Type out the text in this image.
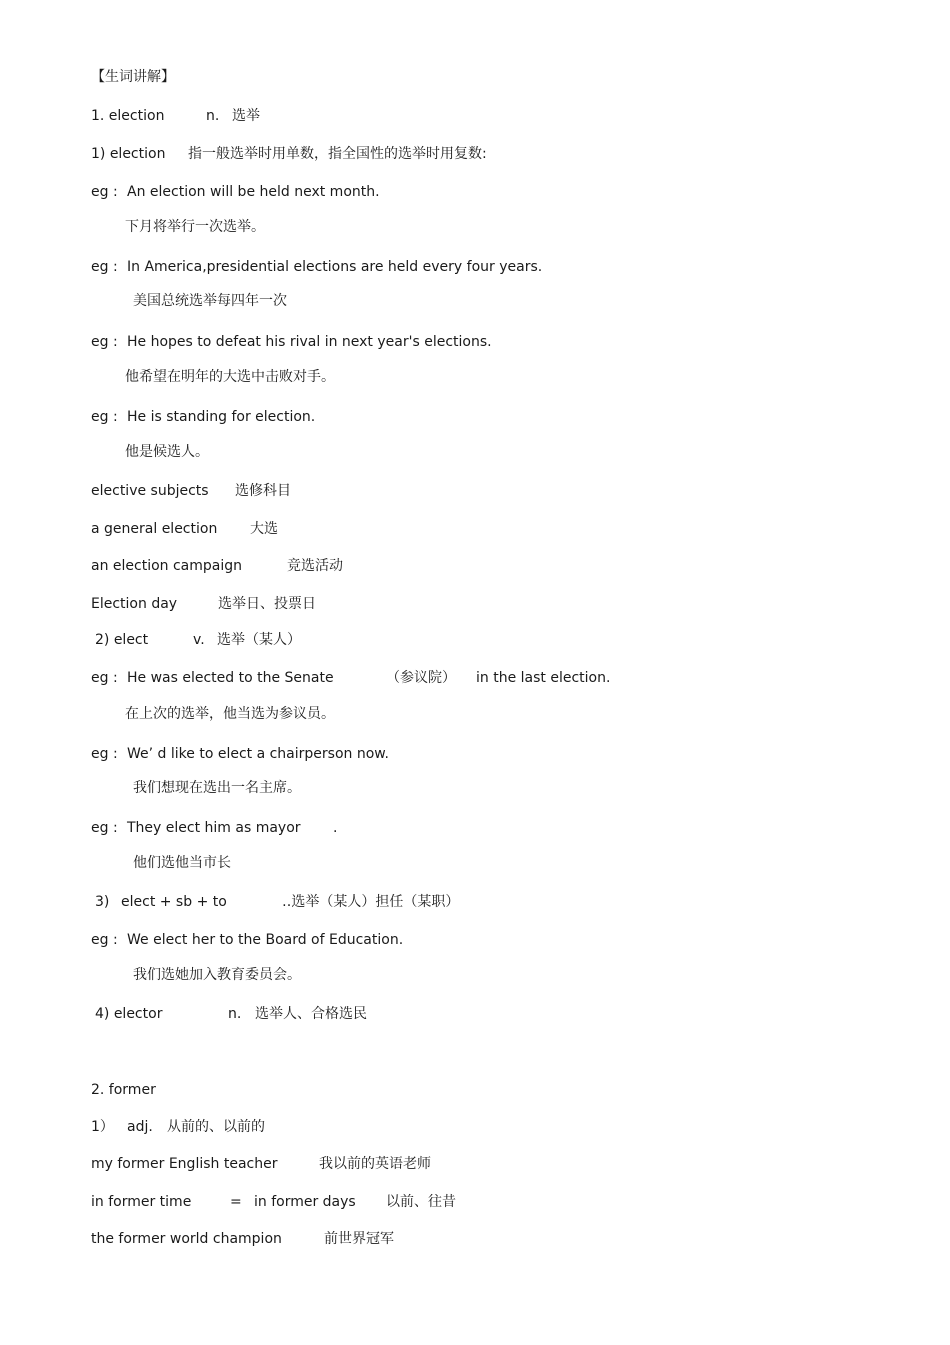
【生词讲解】
1. election	n. 选举
1) election 指一般选举时用单数，指全国性的选举时用复数:
eg : An election will be held next month.
下月将举行一次选举。
eg : In America,presidential elections are held every four years.
美国总统选举每四年一次
eg : He hopes to defeat his rival in next year's elections.
他希望在明年的大选中击败对手。
eg : He is standing for election.
他是候选人。
elective subjects 选修科目
a general election 大选
an election campaign	竞选活动
Election day	选举日、投票日
2) elect	v. 选举（某人）
eg : He was elected to the Senate	（参议院） in the last election.
在上次的选举，他当选为参议员。
eg : We’ d like to elect a chairperson now.
我们想现在选出一名主席。
eg : They elect him as mayor .
他们选他当市长
3) elect + sb + to	‥选举（某人）担任（某职）
eg : We elect her to the Board of Education.
我们选她加入教育委员会。
4) elector	n. 选举人、合格选民
2. former
1） adj. 从前的、以前的
my former English teacher	我以前的英语老师
in former time	= in former days 以前、往昔
the former world champion	前世界冠军
